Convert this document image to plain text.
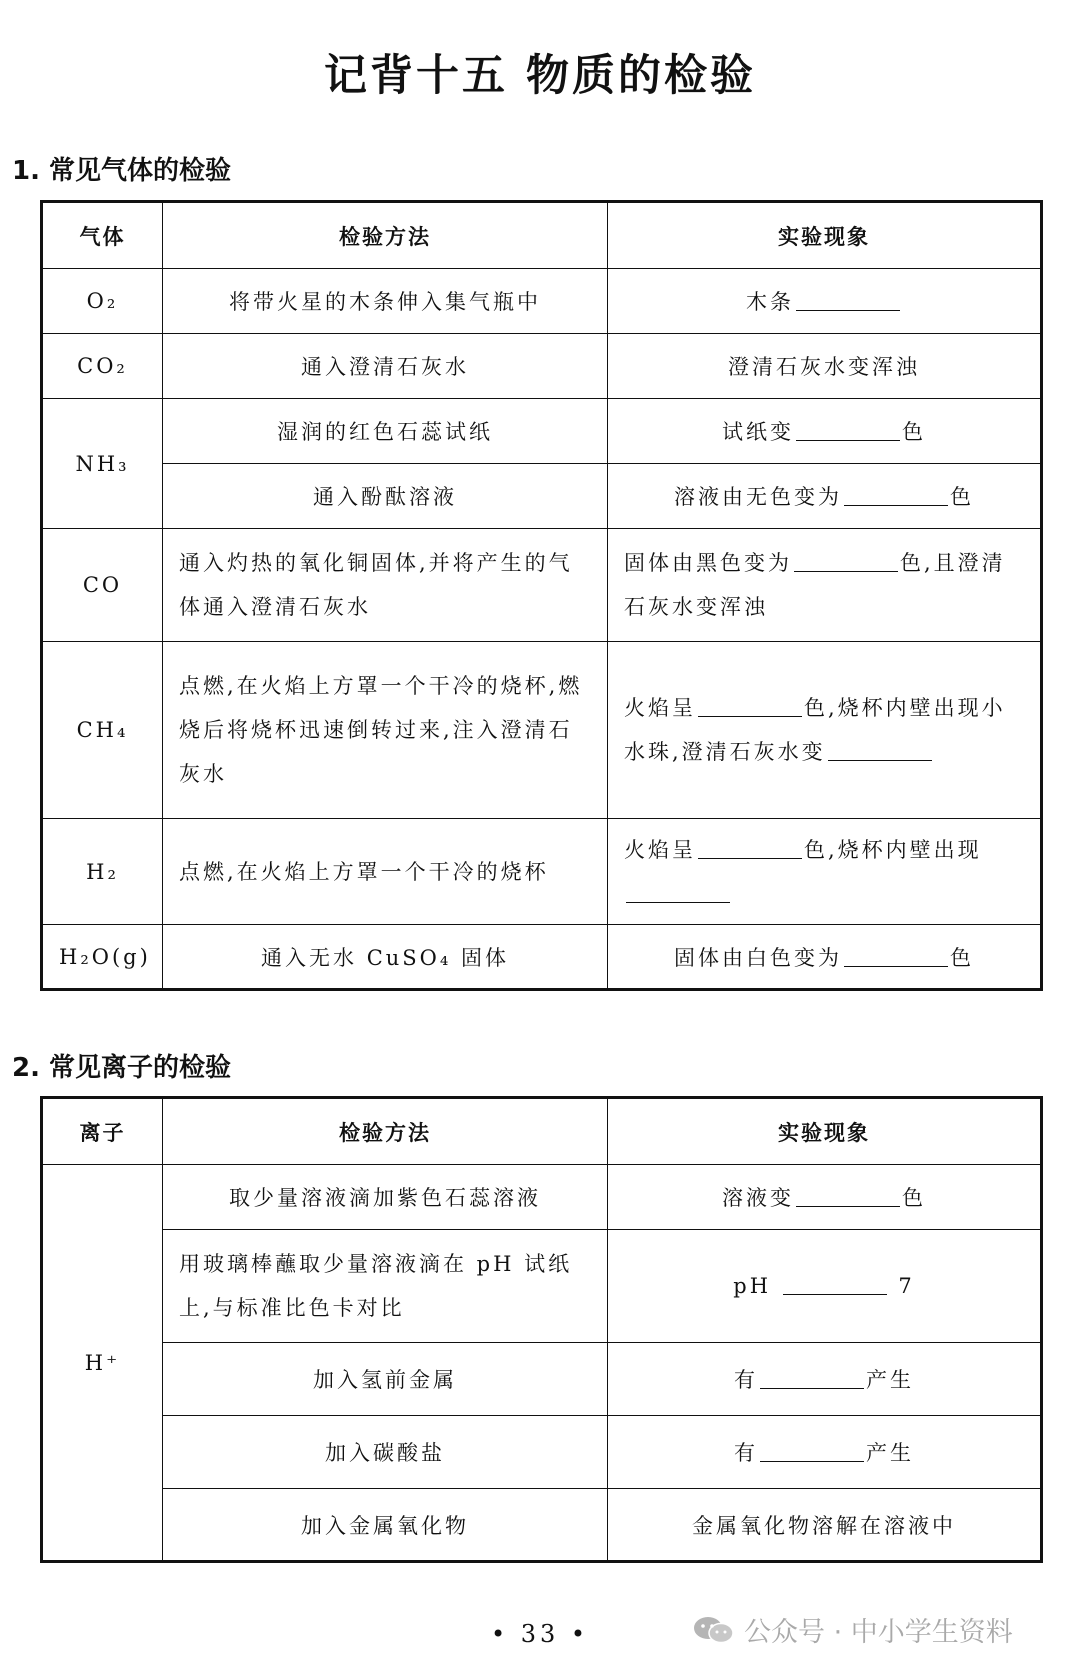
记背十五 物质的检验
1. 常见气体的检验
气体	检验方法	实验现象
O₂	将带火星的木条伸入集气瓶中	木条
CO₂	通入澄清石灰水	澄清石灰水变浑浊
NH₃	湿润的红色石蕊试纸	试纸变 色
	通入酚酞溶液	溶液由无色变为 色
CO	通入灼热的氧化铜固体,并将产生的气体通入澄清石灰水	固体由黑色变为 色,且澄清石灰水变浑浊
CH₄	点燃,在火焰上方罩一个干冷的烧杯,燃烧后将烧杯迅速倒转过来,注入澄清石灰水	火焰呈 色,烧杯内壁出现小水珠,澄清石灰水变
H₂	点燃,在火焰上方罩一个干冷的烧杯	火焰呈 色,烧杯内壁出现
H₂O(g)	通入无水 CuSO₄ 固体	固体由白色变为 色
2. 常见离子的检验
离子	检验方法	实验现象
H⁺	取少量溶液滴加紫色石蕊溶液	溶液变 色
	用玻璃棒蘸取少量溶液滴在 pH 试纸上,与标准比色卡对比	pH 7
	加入氢前金属	有 产生
	加入碳酸盐	有 产生
	加入金属氧化物	金属氧化物溶解在溶液中
• 33 •	公众号 · 中小学生资料
